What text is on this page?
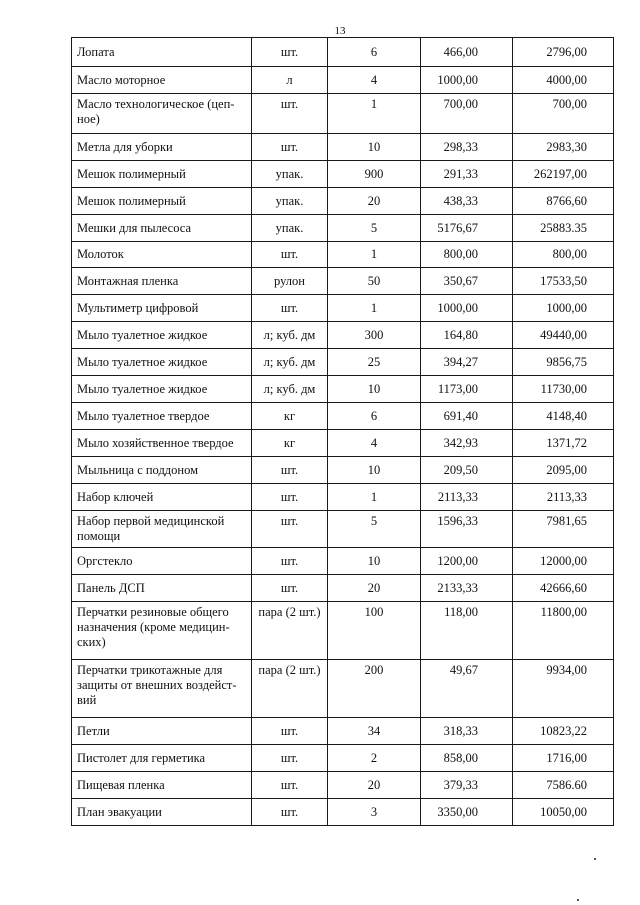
13
Лопата	шт.	6	466,00	2796,00
Масло моторное	л	4	1000,00	4000,00
Масло технологическое (цеп-ное)	шт.	1	700,00	700,00
Метла для уборки	шт.	10	298,33	2983,30
Мешок полимерный	упак.	900	291,33	262197,00
Мешок полимерный	упак.	20	438,33	8766,60
Мешки для пылесоса	упак.	5	5176,67	25883.35
Молоток	шт.	1	800,00	800,00
Монтажная пленка	рулон	50	350,67	17533,50
Мультиметр цифровой	шт.	1	1000,00	1000,00
Мыло туалетное жидкое	л; куб. дм	300	164,80	49440,00
Мыло туалетное жидкое	л; куб. дм	25	394,27	9856,75
Мыло туалетное жидкое	л; куб. дм	10	1173,00	11730,00
Мыло туалетное твердое	кг	6	691,40	4148,40
Мыло хозяйственное твердое	кг	4	342,93	1371,72
Мыльница с поддоном	шт.	10	209,50	2095,00
Набор ключей	шт.	1	2113,33	2113,33
Набор первой медицинской помощи	шт.	5	1596,33	7981,65
Оргстекло	шт.	10	1200,00	12000,00
Панель ДСП	шт.	20	2133,33	42666,60
Перчатки резиновые общего назначения (кроме медицин-ских)	пара (2 шт.)	100	118,00	11800,00
Перчатки трикотажные для защиты от внешних воздейст-вий	пара (2 шт.)	200	49,67	9934,00
Петли	шт.	34	318,33	10823,22
Пистолет для герметика	шт.	2	858,00	1716,00
Пищевая пленка	шт.	20	379,33	7586.60
План эвакуации	шт.	3	3350,00	10050,00
